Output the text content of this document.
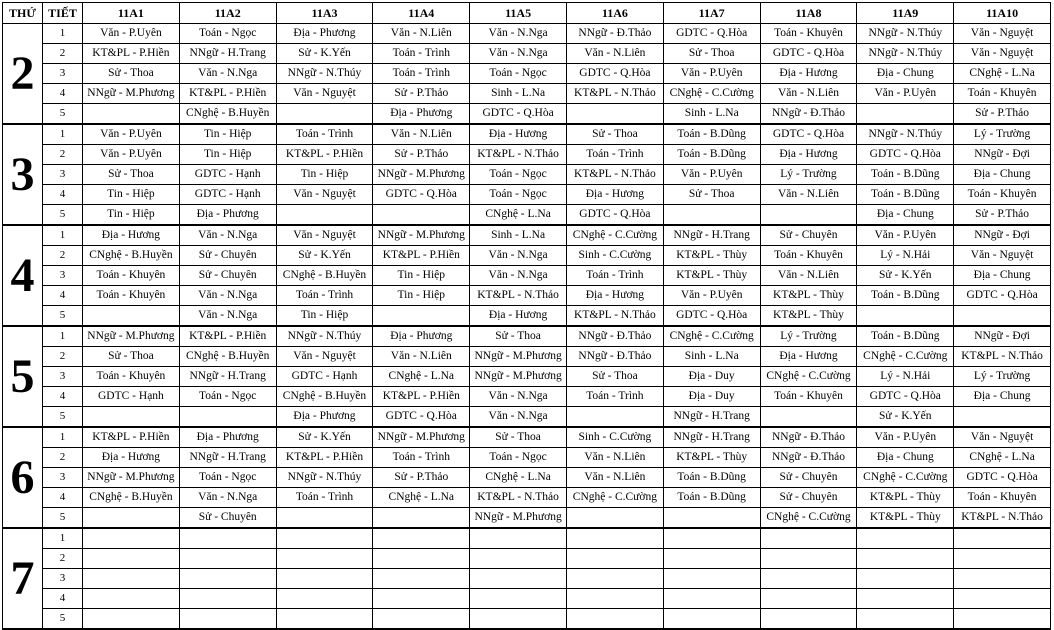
THỨ	TIẾT	11A1	11A2	11A3	11A4	11A5	11A6	11A7	11A8	11A9	11A10
2	1	Văn - P.Uyên	Toán - Ngọc	Địa - Phương	Văn - N.Liên	Văn - N.Nga	NNgữ - Đ.Thảo	GDTC - Q.Hòa	Toán - Khuyên	NNgữ - N.Thúy	Văn - Nguyệt
	2	KT&PL - P.Hiền	NNgữ - H.Trang	Sử - K.Yến	Toán - Trình	Văn - N.Nga	Văn - N.Liên	Sử - Thoa	GDTC - Q.Hòa	NNgữ - N.Thúy	Văn - Nguyệt
	3	Sử - Thoa	Văn - N.Nga	NNgữ - N.Thúy	Toán - Trình	Toán - Ngọc	GDTC - Q.Hòa	Văn - P.Uyên	Địa - Hương	Địa - Chung	CNghệ - L.Na
	4	NNgữ - M.Phương	KT&PL - P.Hiền	Văn - Nguyệt	Sử - P.Thảo	Sinh - L.Na	KT&PL - N.Thảo	CNghệ - C.Cường	Văn - N.Liên	Văn - P.Uyên	Toán - Khuyên
	5		CNghệ - B.Huyền		Địa - Phương	GDTC - Q.Hòa		Sinh - L.Na	NNgữ - Đ.Thảo		Sử - P.Thảo
3	1	Văn - P.Uyên	Tin - Hiệp	Toán - Trình	Văn - N.Liên	Địa - Hương	Sử - Thoa	Toán - B.Dũng	GDTC - Q.Hòa	NNgữ - N.Thúy	Lý - Trường
	2	Văn - P.Uyên	Tin - Hiệp	KT&PL - P.Hiền	Sử - P.Thảo	KT&PL - N.Thảo	Toán - Trình	Toán - B.Dũng	Địa - Hương	GDTC - Q.Hòa	NNgữ - Đợi
	3	Sử - Thoa	GDTC - Hạnh	Tin - Hiệp	NNgữ - M.Phương	Toán - Ngọc	KT&PL - N.Thảo	Văn - P.Uyên	Lý - Trường	Toán - B.Dũng	Địa - Chung
	4	Tin - Hiệp	GDTC - Hạnh	Văn - Nguyệt	GDTC - Q.Hòa	Toán - Ngọc	Địa - Hương	Sử - Thoa	Văn - N.Liên	Toán - B.Dũng	Toán - Khuyên
	5	Tin - Hiệp	Địa - Phương			CNghệ - L.Na	GDTC - Q.Hòa			Địa - Chung	Sử - P.Thảo
4	1	Địa - Hương	Văn - N.Nga	Văn - Nguyệt	NNgữ - M.Phương	Sinh - L.Na	CNghệ - C.Cường	NNgữ - H.Trang	Sử - Chuyên	Văn - P.Uyên	NNgữ - Đợi
	2	CNghệ - B.Huyền	Sử - Chuyên	Sử - K.Yến	KT&PL - P.Hiền	Văn - N.Nga	Sinh - C.Cường	KT&PL - Thùy	Toán - Khuyên	Lý - N.Hải	Văn - Nguyệt
	3	Toán - Khuyên	Sử - Chuyên	CNghệ - B.Huyền	Tin - Hiệp	Văn - N.Nga	Toán - Trình	KT&PL - Thùy	Văn - N.Liên	Sử - K.Yến	Địa - Chung
	4	Toán - Khuyên	Văn - N.Nga	Toán - Trình	Tin - Hiệp	KT&PL - N.Thảo	Địa - Hương	Văn - P.Uyên	KT&PL - Thùy	Toán - B.Dũng	GDTC - Q.Hòa
	5		Văn - N.Nga	Tin - Hiệp		Địa - Hương	KT&PL - N.Thảo	GDTC - Q.Hòa	KT&PL - Thùy		
5	1	NNgữ - M.Phương	KT&PL - P.Hiền	NNgữ - N.Thúy	Địa - Phương	Sử - Thoa	NNgữ - Đ.Thảo	CNghệ - C.Cường	Lý - Trường	Toán - B.Dũng	NNgữ - Đợi
	2	Sử - Thoa	CNghệ - B.Huyền	Văn - Nguyệt	Văn - N.Liên	NNgữ - M.Phương	NNgữ - Đ.Thảo	Sinh - L.Na	Địa - Hương	CNghệ - C.Cường	KT&PL - N.Thảo
	3	Toán - Khuyên	NNgữ - H.Trang	GDTC - Hạnh	CNghệ - L.Na	NNgữ - M.Phương	Sử - Thoa	Địa - Duy	CNghệ - C.Cường	Lý - N.Hải	Lý - Trường
	4	GDTC - Hạnh	Toán - Ngọc	CNghệ - B.Huyền	KT&PL - P.Hiền	Văn - N.Nga	Toán - Trình	Địa - Duy	Toán - Khuyên	GDTC - Q.Hòa	Địa - Chung
	5			Địa - Phương	GDTC - Q.Hòa	Văn - N.Nga		NNgữ - H.Trang		Sử - K.Yến	
6	1	KT&PL - P.Hiền	Địa - Phương	Sử - K.Yến	NNgữ - M.Phương	Sử - Thoa	Sinh - C.Cường	NNgữ - H.Trang	NNgữ - Đ.Thảo	Văn - P.Uyên	Văn - Nguyệt
	2	Địa - Hương	NNgữ - H.Trang	KT&PL - P.Hiền	Toán - Trình	Toán - Ngọc	Văn - N.Liên	KT&PL - Thùy	NNgữ - Đ.Thảo	Địa - Chung	CNghệ - L.Na
	3	NNgữ - M.Phương	Toán - Ngọc	NNgữ - N.Thúy	Sử - P.Thảo	CNghệ - L.Na	Văn - N.Liên	Toán - B.Dũng	Sử - Chuyên	CNghệ - C.Cường	GDTC - Q.Hòa
	4	CNghệ - B.Huyền	Văn - N.Nga	Toán - Trình	CNghệ - L.Na	KT&PL - N.Thảo	CNghệ - C.Cường	Toán - B.Dũng	Sử - Chuyên	KT&PL - Thùy	Toán - Khuyên
	5		Sử - Chuyên			NNgữ - M.Phương			CNghệ - C.Cường	KT&PL - Thùy	KT&PL - N.Thảo
7	1										
	2										
	3										
	4										
	5										
